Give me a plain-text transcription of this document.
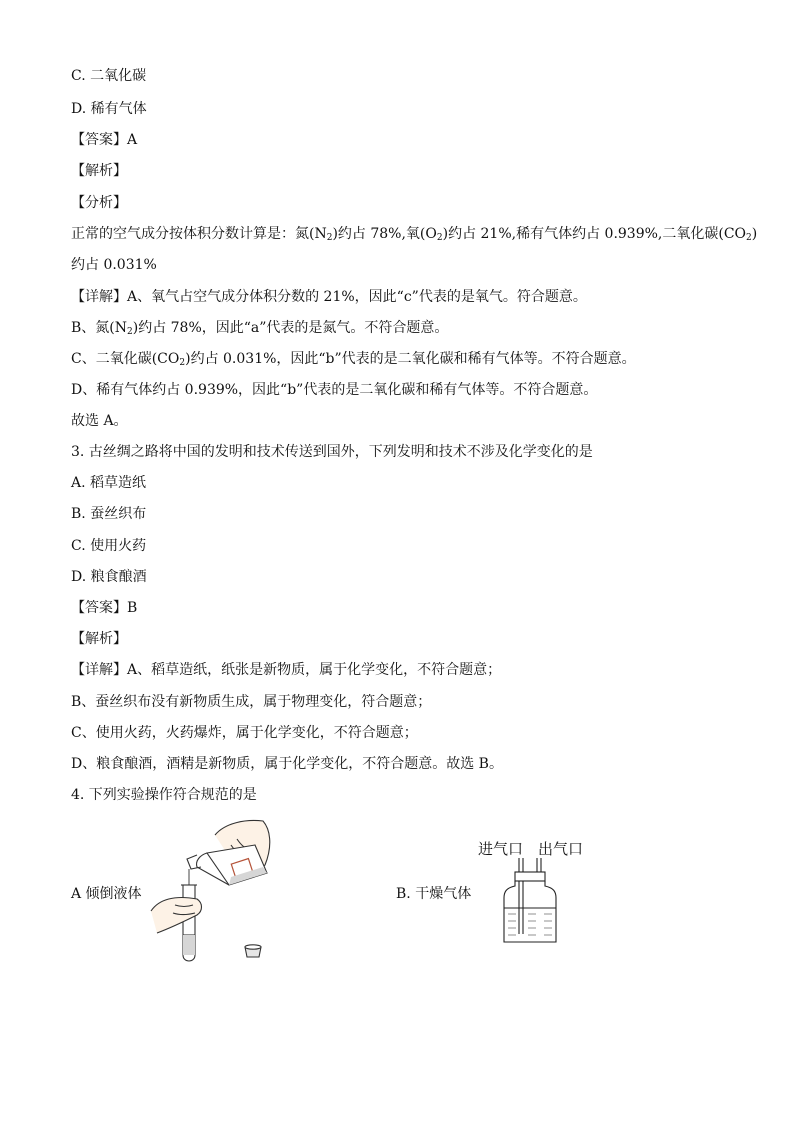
C. 二氧化碳
D. 稀有气体
【答案】A
【解析】
【分析】
正常的空气成分按体积分数计算是：氮$(N_2)$约占 78%,氧$(O_2)$约占 21%,稀有气体约占 0.939%,二氧化碳$(CO_2)$
约占 0.031%
【详解】A、氧气占空气成分体积分数的 21%，因此“c”代表的是氧气。符合题意。
B、氮$(N_2)$约占 78%，因此“a”代表的是氮气。不符合题意。
C、二氧化碳$(CO_2)$约占 0.031%，因此“b”代表的是二氧化碳和稀有气体等。不符合题意。
D、稀有气体约占 0.939%，因此“b”代表的是二氧化碳和稀有气体等。不符合题意。
故选 A。
3. 古丝绸之路将中国的发明和技术传送到国外，下列发明和技术不涉及化学变化的是
A. 稻草造纸
B. 蚕丝织布
C. 使用火药
D. 粮食酿酒
【答案】B
【解析】
【详解】A、稻草造纸，纸张是新物质，属于化学变化，不符合题意；
B、蚕丝织布没有新物质生成，属于物理变化，符合题意；
C、使用火药，火药爆炸，属于化学变化，不符合题意；
D、粮食酿酒，酒精是新物质，属于化学变化，不符合题意。故选 B。
4. 下列实验操作符合规范的是
A 倾倒液体	B. 干燥气体
进气口 出气口
